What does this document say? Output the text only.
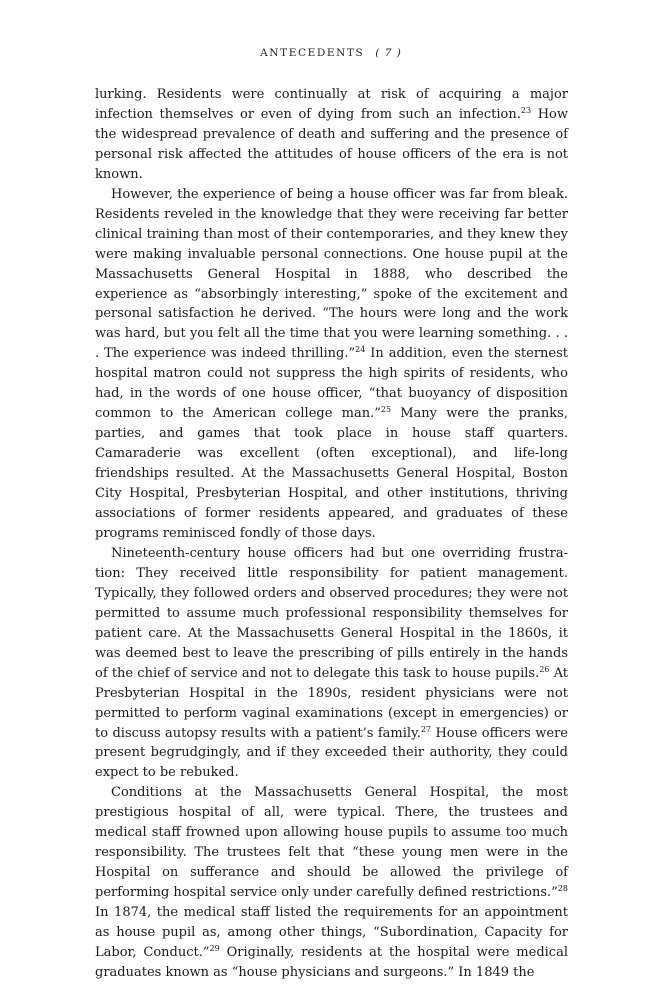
ANTECEDENTS ( 7 )

lurking. Residents were continually at risk of acquiring a major infection themselves or even of dying from such an infection.$^{23}$ How the widespread prevalence of death and suffering and the presence of personal risk affected the attitudes of house officers of the era is not known.

However, the experience of being a house officer was far from bleak. Residents reveled in the knowledge that they were receiving far better clinical training than most of their contemporaries, and they knew they were making invaluable personal connections. One house pupil at the Massachusetts General Hospital in 1888, who described the experience as “absorbingly interesting,” spoke of the excitement and personal satisfaction he derived. “The hours were long and the work was hard, but you felt all the time that you were learning something. . . . The experience was indeed thrilling.”$^{24}$ In addition, even the sternest hospital matron could not suppress the high spirits of residents, who had, in the words of one house officer, “that buoyancy of disposition common to the American college man.”$^{25}$ Many were the pranks, parties, and games that took place in house staff quarters. Camaraderie was excellent (often exceptional), and life-long friendships resulted. At the Massachusetts General Hospital, Boston City Hospital, Presbyterian Hospital, and other institutions, thriving associations of former residents appeared, and graduates of these programs reminisced fondly of those days.

Nineteenth-century house officers had but one overriding frustration: They received little responsibility for patient management. Typically, they followed orders and observed procedures; they were not permitted to assume much professional responsibility themselves for patient care. At the Massachusetts General Hospital in the 1860s, it was deemed best to leave the prescribing of pills entirely in the hands of the chief of service and not to delegate this task to house pupils.$^{26}$ At Presbyterian Hospital in the 1890s, resident physicians were not permitted to perform vaginal examinations (except in emergencies) or to discuss autopsy results with a patient’s family.$^{27}$ House officers were present begrudgingly, and if they exceeded their authority, they could expect to be rebuked.

Conditions at the Massachusetts General Hospital, the most prestigious hospital of all, were typical. There, the trustees and medical staff frowned upon allowing house pupils to assume too much responsibility. The trustees felt that “these young men were in the Hospital on sufferance and should be allowed the privilege of performing hospital service only under carefully defined restrictions.”$^{28}$ In 1874, the medical staff listed the requirements for an appointment as house pupil as, among other things, “Subordination, Capacity for Labor, Conduct.”$^{29}$ Originally, residents at the hospital were medical graduates known as “house physicians and surgeons.” In 1849 the
